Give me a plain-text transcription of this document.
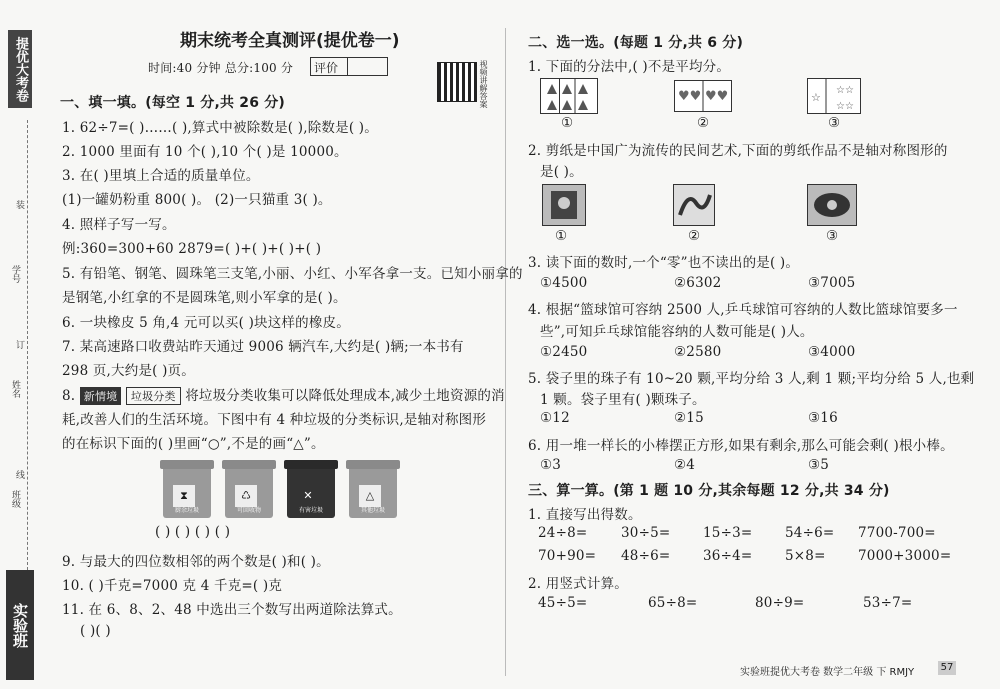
提优大考卷
装
订
线
班级
姓名
学号
实验班
期末统考全真测评(提优卷一)
时间:40 分钟 总分:100 分 评价	视频讲解答案
一、填一填。(每空 1 分,共 26 分)
1. 62÷7=( )……( ),算式中被除数是( ),除数是( )。
2. 1000 里面有 10 个( ),10 个( )是 10000。
3. 在( )里填上合适的质量单位。
(1)一罐奶粉重 800( )。 (2)一只猫重 3( )。
4. 照样子写一写。
例:360=300+60 2879=( )+( )+( )+( )
5. 有铅笔、钢笔、圆珠笔三支笔,小丽、小红、小军各拿一支。已知小丽拿的
是钢笔,小红拿的不是圆珠笔,则小军拿的是( )。
6. 一块橡皮 5 角,4 元可以买( )块这样的橡皮。
7. 某高速路口收费站昨天通过 9006 辆汽车,大约是( )辆;一本书有
298 页,大约是( )页。
8. 新情境 垃圾分类 将垃圾分类收集可以降低处理成本,减少土地资源的消
耗,改善人们的生活环境。下图中有 4 种垃圾的分类标识,是轴对称图形
的在标识下面的( )里画“○”,不是的画“△”。
⧗
厨余垃圾
♺
可回收物
✕
有害垃圾
△
其他垃圾
( ) ( ) ( ) ( )
9. 与最大的四位数相邻的两个数是( )和( )。
10. ( )千克=7000 克 4 千克=( )克
11. 在 6、8、2、48 中选出三个数写出两道除法算式。
( )( )
二、选一选。(每题 1 分,共 6 分)
1. 下面的分法中,( )不是平均分。
♥♥ ♥♥	☆
☆☆
☆☆
①	②	③
2. 剪纸是中国广为流传的民间艺术,下面的剪纸作品不是轴对称图形的
是( )。
①	②	③
3. 读下面的数时,一个“零”也不读出的是( )。
①4500	②6302	③7005
4. 根据“篮球馆可容纳 2500 人,乒乓球馆可容纳的人数比篮球馆要多一
些”,可知乒乓球馆能容纳的人数可能是( )人。
①2450	②2580	③4000
5. 袋子里的珠子有 10~20 颗,平均分给 3 人,剩 1 颗;平均分给 5 人,也剩
1 颗。袋子里有( )颗珠子。
①12	②15	③16
6. 用一堆一样长的小棒摆正方形,如果有剩余,那么可能会剩( )根小棒。
①3	②4	③5
三、算一算。(第 1 题 10 分,其余每题 12 分,共 34 分)
1. 直接写出得数。
24÷8= 30÷5= 15÷3= 54÷6= 7700-700=
70+90= 48÷6= 36÷4= 5×8= 7000+3000=
2. 用竖式计算。
45÷5=	65÷8=	80÷9=	53÷7=
实验班提优大考卷 数学二年级 下 RMJY	57
